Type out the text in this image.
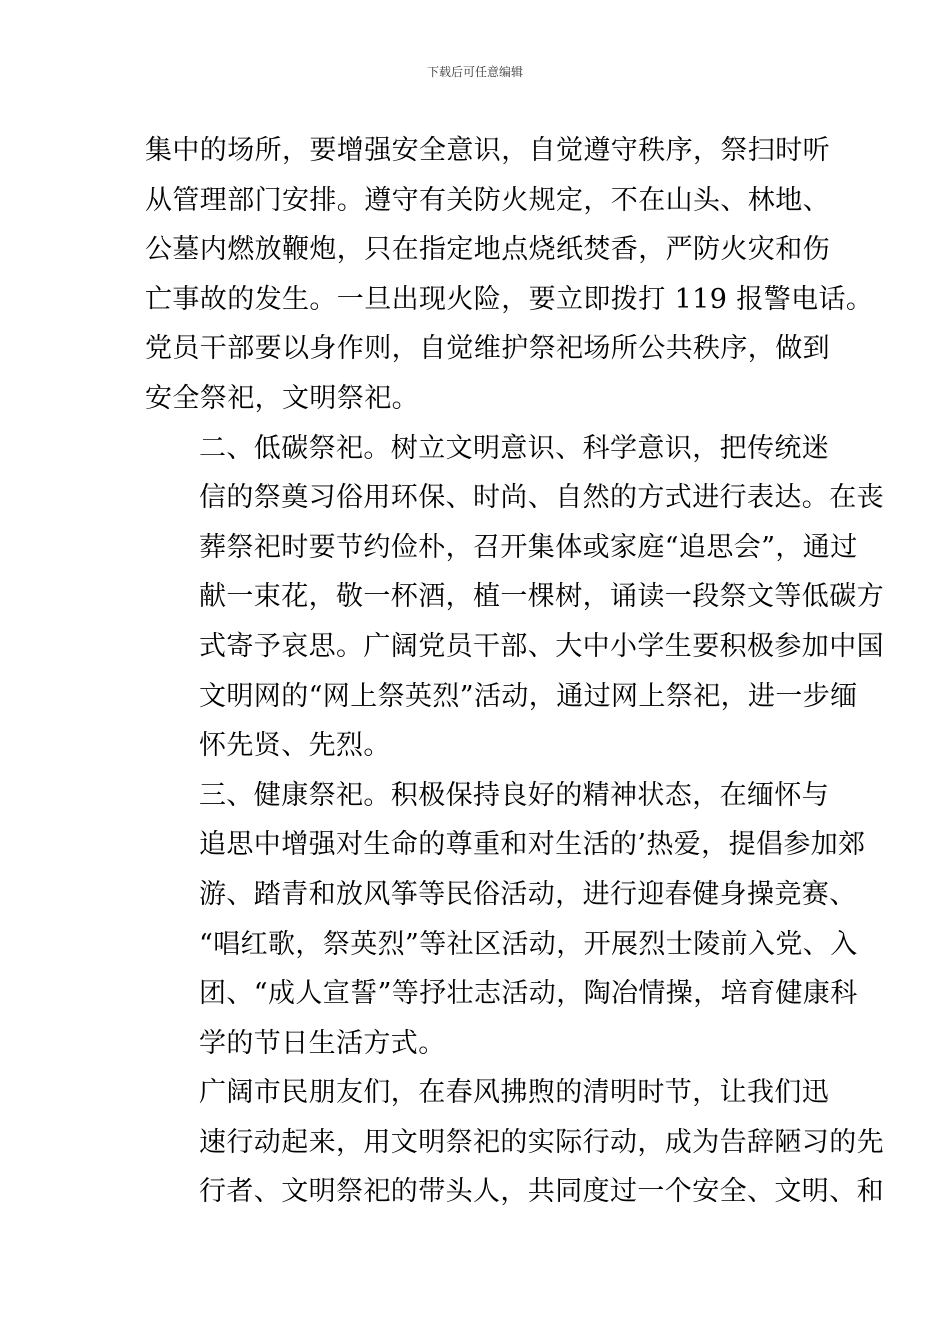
下载后可任意编辑

集中的场所，要增强安全意识，自觉遵守秩序，祭扫时听
从管理部门安排。遵守有关防火规定，不在山头、林地、
公墓内燃放鞭炮，只在指定地点烧纸焚香，严防火灾和伤
亡事故的发生。一旦出现火险，要立即拨打 119 报警电话。
党员干部要以身作则，自觉维护祭祀场所公共秩序，做到
安全祭祀，文明祭祀。

二、低碳祭祀。树立文明意识、科学意识，把传统迷
信的祭奠习俗用环保、时尚、自然的方式进行表达。在丧
葬祭祀时要节约俭朴，召开集体或家庭“追思会”，通过
献一束花，敬一杯酒，植一棵树，诵读一段祭文等低碳方
式寄予哀思。广阔党员干部、大中小学生要积极参加中国
文明网的“网上祭英烈”活动，通过网上祭祀，进一步缅
怀先贤、先烈。

三、健康祭祀。积极保持良好的精神状态，在缅怀与
追思中增强对生命的尊重和对生活的’热爱，提倡参加郊
游、踏青和放风筝等民俗活动，进行迎春健身操竞赛、
“唱红歌，祭英烈”等社区活动，开展烈士陵前入党、入
团、“成人宣誓”等抒壮志活动，陶冶情操，培育健康科
学的节日生活方式。

广阔市民朋友们，在春风拂煦的清明时节，让我们迅
速行动起来，用文明祭祀的实际行动，成为告辞陋习的先
行者、文明祭祀的带头人，共同度过一个安全、文明、和
